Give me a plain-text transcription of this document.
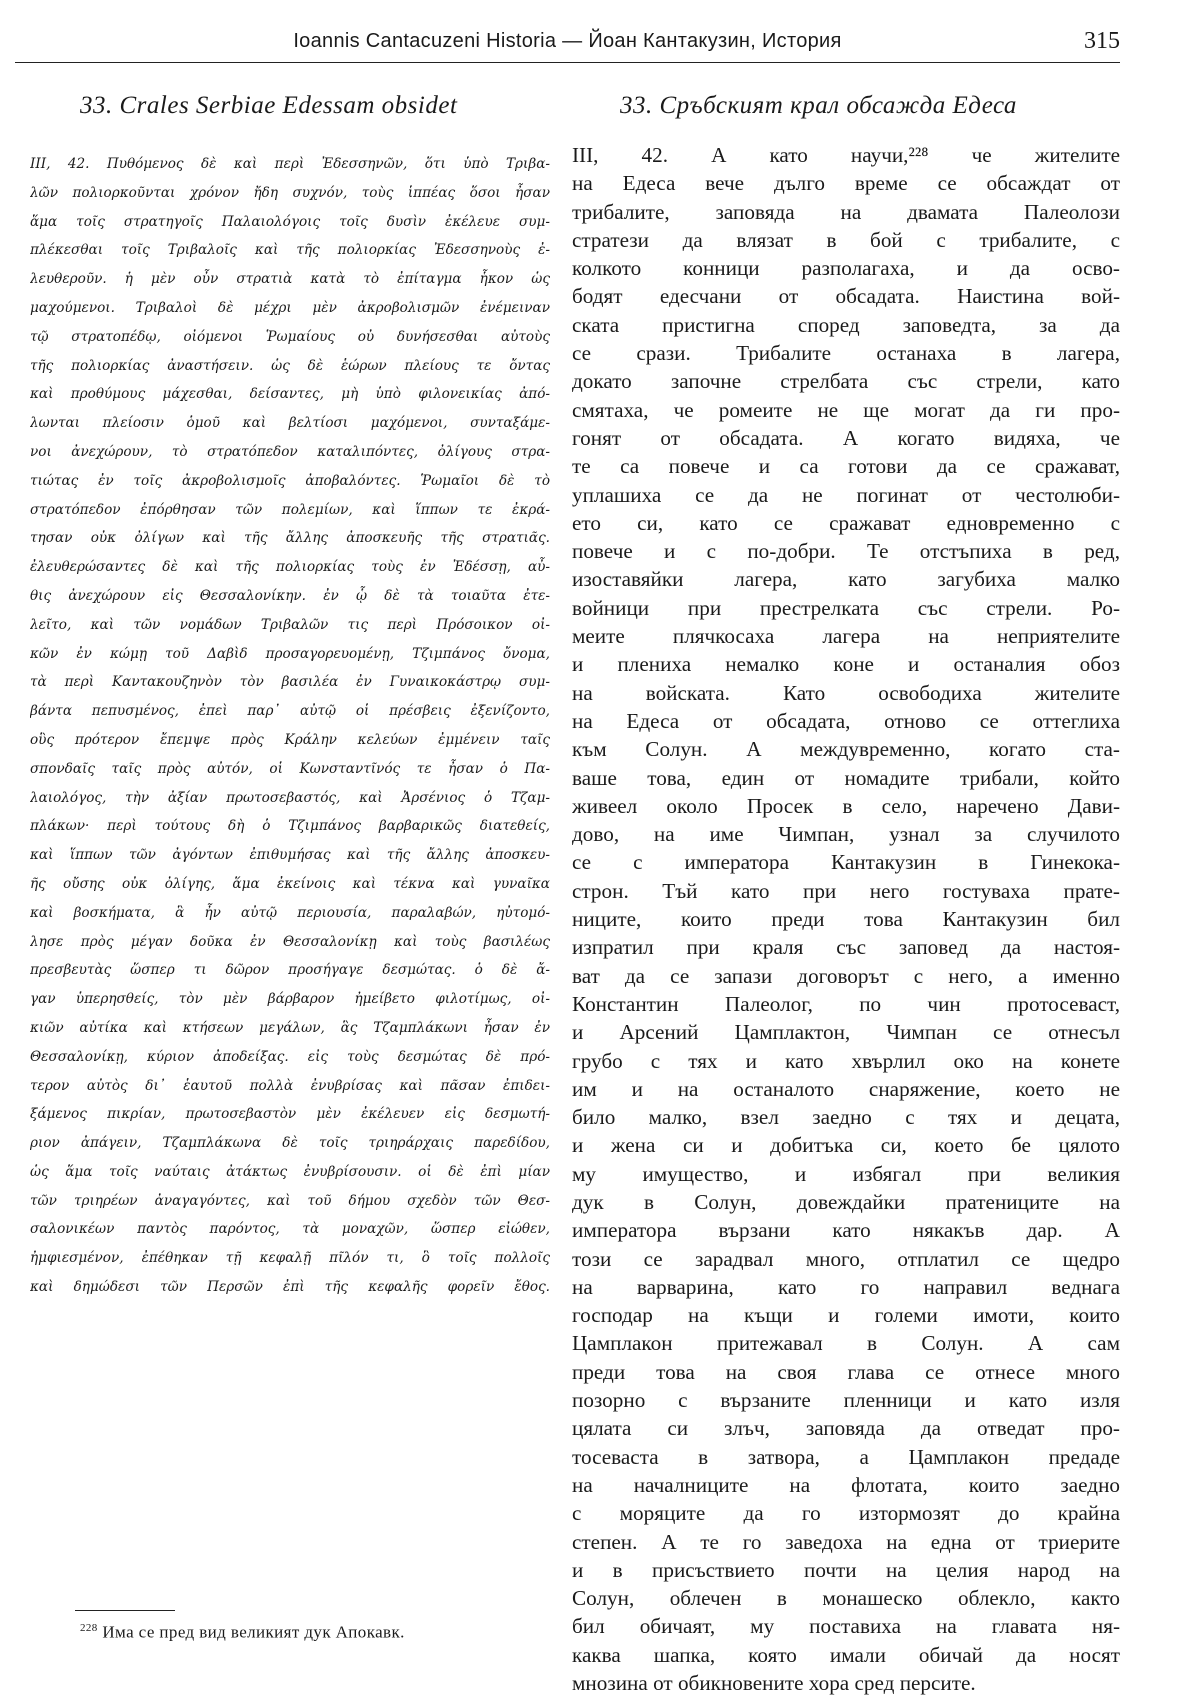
Ioannis Cantacuzeni Historia — Йоан Кантакузин, История	315
33. Crales Serbiae Edessam obsidet	33. Сръбският крал обсажда Едеса
III, 42. Πυθόμενος δὲ καὶ περὶ Ἐδεσσηνῶν, ὅτι ὑπὸ Τριβα-
λῶν πολιορκοῦνται χρόνον ἤδη συχνόν, τοὺς ἱππέας ὅσοι ἦσαν
ἅμα τοῖς στρατηγοῖς Παλαιολόγοις τοῖς δυσὶν ἐκέλευε συμ-
πλέκεσθαι τοῖς Τριβαλοῖς καὶ τῆς πολιορκίας Ἐδεσσηνοὺς ἐ-
λευθεροῦν. ἡ μὲν οὖν στρατιὰ κατὰ τὸ ἐπίταγμα ἧκον ὡς
μαχούμενοι. Τριβαλοὶ δὲ μέχρι μὲν ἀκροβολισμῶν ἐνέμειναν
τῷ στρατοπέδῳ, οἰόμενοι Ῥωμαίους οὐ δυνήσεσθαι αὐτοὺς
τῆς πολιορκίας ἀναστήσειν. ὡς δὲ ἑώρων πλείους τε ὄντας
καὶ προθύμους μάχεσθαι, δείσαντες, μὴ ὑπὸ φιλονεικίας ἀπό-
λωνται πλείοσιν ὁμοῦ καὶ βελτίοσι μαχόμενοι, συνταξάμε-
νοι ἀνεχώρουν, τὸ στρατόπεδον καταλιπόντες, ὀλίγους στρα-
τιώτας ἐν τοῖς ἀκροβολισμοῖς ἀποβαλόντες. Ῥωμαῖοι δὲ τὸ
στρατόπεδον ἐπόρθησαν τῶν πολεμίων, καὶ ἵππων τε ἐκρά-
τησαν οὐκ ὀλίγων καὶ τῆς ἄλλης ἀποσκευῆς τῆς στρατιᾶς.
ἐλευθερώσαντες δὲ καὶ τῆς πολιορκίας τοὺς ἐν Ἐδέσσῃ, αὖ-
θις ἀνεχώρουν εἰς Θεσσαλονίκην. ἐν ᾧ δὲ τὰ τοιαῦτα ἐτε-
λεῖτο, καὶ τῶν νομάδων Τριβαλῶν τις περὶ Πρόσοικον οἰ-
κῶν ἐν κώμῃ τοῦ Δαβὶδ προσαγορευομένῃ, Τζιμπάνος ὄνομα,
τὰ περὶ Καντακουζηνὸν τὸν βασιλέα ἐν Γυναικοκάστρῳ συμ-
βάντα πεπυσμένος, ἐπεὶ παρ᾽ αὐτῷ οἱ πρέσβεις ἐξενίζοντο,
οὓς πρότερον ἔπεμψε πρὸς Κράλην κελεύων ἐμμένειν ταῖς
σπονδαῖς ταῖς πρὸς αὐτόν, οἱ Κωνσταντῖνός τε ἦσαν ὁ Πα-
λαιολόγος, τὴν ἀξίαν πρωτοσεβαστός, καὶ Ἀρσένιος ὁ Τζαμ-
πλάκων· περὶ τούτους δὴ ὁ Τζιμπάνος βαρβαρικῶς διατεθείς,
καὶ ἵππων τῶν ἀγόντων ἐπιθυμήσας καὶ τῆς ἄλλης ἀποσκευ-
ῆς οὔσης οὐκ ὀλίγης, ἅμα ἐκείνοις καὶ τέκνα καὶ γυναῖκα
καὶ βοσκήματα, ἃ ἦν αὐτῷ περιουσία, παραλαβών, ηὐτομό-
λησε πρὸς μέγαν δοῦκα ἐν Θεσσαλονίκῃ καὶ τοὺς βασιλέως
πρεσβευτὰς ὥσπερ τι δῶρον προσήγαγε δεσμώτας. ὁ δὲ ἄ-
γαν ὑπερησθείς, τὸν μὲν βάρβαρον ἠμείβετο φιλοτίμως, οἰ-
κιῶν αὐτίκα καὶ κτήσεων μεγάλων, ἃς Τζαμπλάκωνι ἦσαν ἐν
Θεσσαλονίκῃ, κύριον ἀποδείξας. εἰς τοὺς δεσμώτας δὲ πρό-
τερον αὐτὸς δι᾽ ἑαυτοῦ πολλὰ ἐνυβρίσας καὶ πᾶσαν ἐπιδει-
ξάμενος πικρίαν, πρωτοσεβαστὸν μὲν ἐκέλευεν εἰς δεσμωτή-
ριον ἀπάγειν, Τζαμπλάκωνα δὲ τοῖς τριηράρχαις παρεδίδου,
ὡς ἅμα τοῖς ναύταις ἀτάκτως ἐνυβρίσουσιν. οἱ δὲ ἐπὶ μίαν
τῶν τριηρέων ἀναγαγόντες, καὶ τοῦ δήμου σχεδὸν τῶν Θεσ-
σαλονικέων παντὸς παρόντος, τὰ μοναχῶν, ὥσπερ εἰώθεν,
ἠμφιεσμένον, ἐπέθηκαν τῇ κεφαλῇ πῖλόν τι, ὃ τοῖς πολλοῖς
καὶ δημώδεσι τῶν Περσῶν ἐπὶ τῆς κεφαλῆς φορεῖν ἔθος.
III, 42. А като научи,²²⁸ че жителите
на Едеса вече дълго време се обсаждат от
трибалите, заповяда на двамата Палеолози
стратези да влязат в бой с трибалите, с
колкото конници разполагаха, и да осво-
бодят едесчани от обсадата. Наистина вой-
ската пристигна според заповедта, за да
се срази. Трибалите останаха в лагера,
докато започне стрелбата със стрели, като
смятаха, че ромеите не ще могат да ги про-
гонят от обсадата. А когато видяха, че
те са повече и са готови да се сражават,
уплашиха се да не погинат от честолюби-
ето си, като се сражават едновременно с
повече и с по-добри. Те отстъпиха в ред,
изоставяйки лагера, като загубиха малко
войници при престрелката със стрели. Ро-
меите плячкосаха лагера на неприятелите
и плениха немалко коне и останалия обоз
на войската. Като освободиха жителите
на Едеса от обсадата, отново се оттеглиха
към Солун. А междувременно, когато ста-
ваше това, един от номадите трибали, който
живеел около Просек в село, наречено Дави-
дово, на име Чимпан, узнал за случилото
се с императора Кантакузин в Гинекока-
строн. Тъй като при него гостуваха прате-
ниците, които преди това Кантакузин бил
изпратил при краля със заповед да настоя-
ват да се запази договорът с него, а именно
Константин Палеолог, по чин протосеваст,
и Арсений Цамплактон, Чимпан се отнесъл
грубо с тях и като хвърлил око на конете
им и на останалото снаряжение, което не
било малко, взел заедно с тях и децата,
и жена си и добитъка си, което бе цялото
му имущество, и избягал при великия
дук в Солун, довеждайки пратениците на
императора вързани като някакъв дар. А
този се зарадвал много, отплатил се щедро
на варварина, като го направил веднага
господар на къщи и големи имоти, които
Цамплакон притежавал в Солун. А сам
преди това на своя глава се отнесе много
позорно с вързаните пленници и като изля
цялата си злъч, заповяда да отведат про-
тосеваста в затвора, а Цамплакон предаде
на началниците на флотата, които заедно
с моряците да го изтормозят до крайна
степен. А те го заведоха на една от триерите
и в присъствието почти на целия народ на
Солун, облечен в монашеско облекло, както
бил обичаят, му поставиха на главата ня-
каква шапка, която имали обичай да носят
мнозина от обикновените хора сред персите.
$^{228}$ Има се пред вид великият дук Апокавк.
